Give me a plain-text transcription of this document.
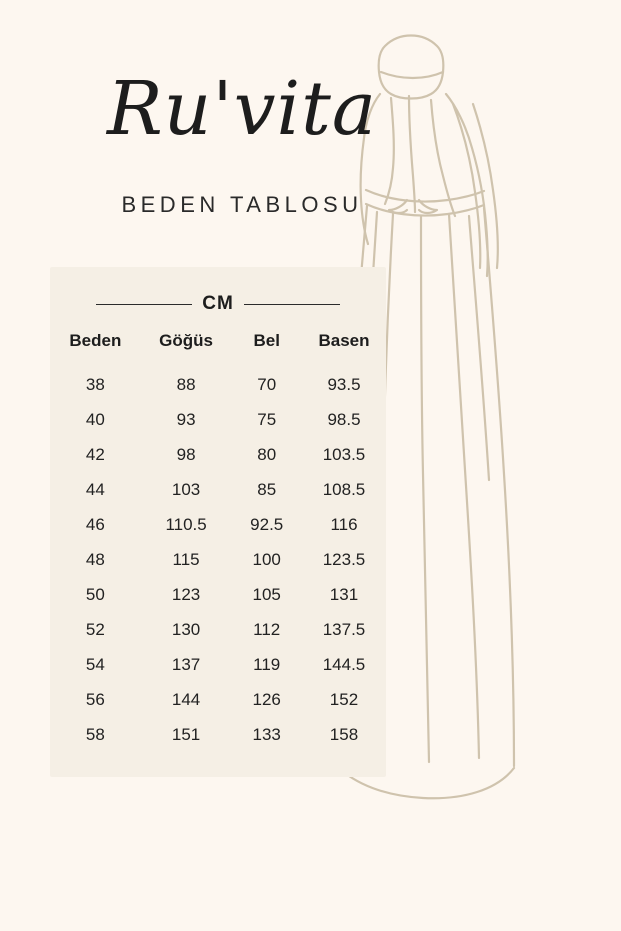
Ru'vita
BEDEN TABLOSU
CM
Beden	Göğüs	Bel	Basen
38	88	70	93.5
40	93	75	98.5
42	98	80	103.5
44	103	85	108.5
46	110.5	92.5	116
48	115	100	123.5
50	123	105	131
52	130	112	137.5
54	137	119	144.5
56	144	126	152
58	151	133	158
